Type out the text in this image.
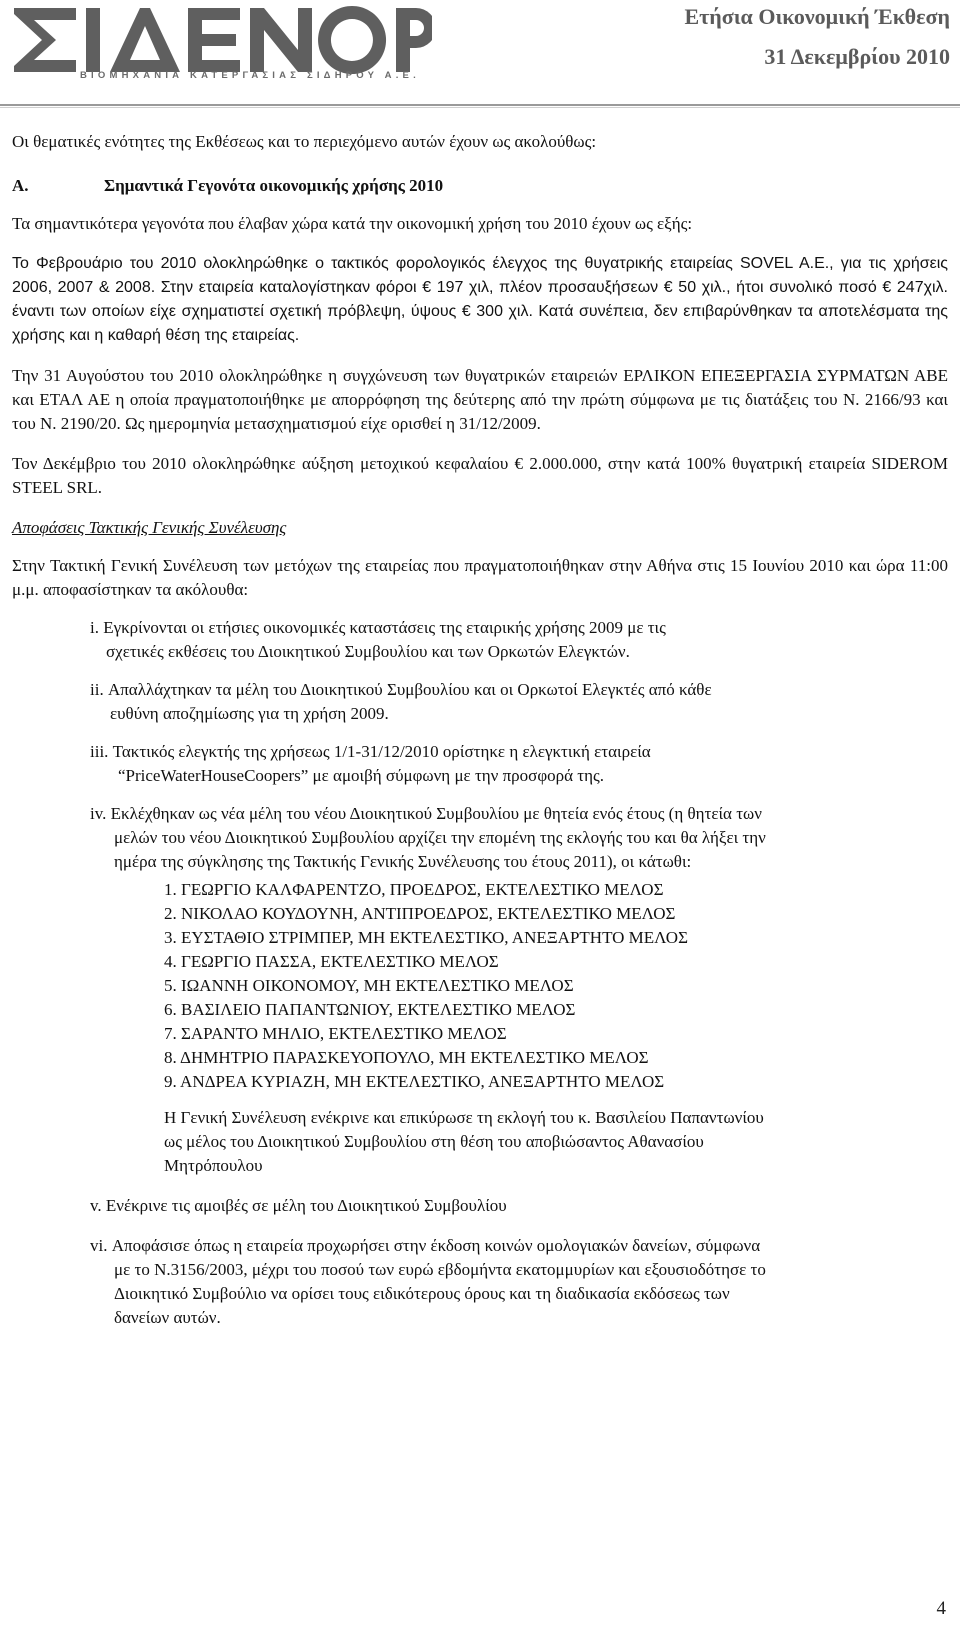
ΒΙΟΜΗΧΑΝΙΑ ΚΑΤΕΡΓΑΣΙΑΣ ΣΙΔΗΡΟΥ Α.Ε.
Ετήσια Οικονομική Έκθεση
31 Δεκεμβρίου 2010

Οι θεματικές ενότητες της Εκθέσεως και το περιεχόμενο αυτών έχουν ως ακολούθως:

Α.	Σημαντικά Γεγονότα οικονομικής χρήσης 2010

Τα σημαντικότερα γεγονότα που έλαβαν χώρα κατά την οικονομική χρήση του 2010 έχουν ως εξής:

Το Φεβρουάριο του 2010 ολοκληρώθηκε ο τακτικός φορολογικός έλεγχος της θυγατρικής εταιρείας SOVEL A.E., για τις χρήσεις 2006, 2007 & 2008. Στην εταιρεία καταλογίστηκαν φόροι € 197 χιλ, πλέον προσαυξήσεων € 50 χιλ., ήτοι συνολικό ποσό € 247χιλ. έναντι των οποίων είχε σχηματιστεί σχετική πρόβλεψη, ύψους € 300 χιλ. Κατά συνέπεια, δεν επιβαρύνθηκαν τα αποτελέσματα της χρήσης και η καθαρή θέση της εταιρείας.

Την 31 Αυγούστου του 2010 ολοκληρώθηκε η συγχώνευση των θυγατρικών εταιρειών ΕΡΛΙΚΟΝ ΕΠΕΞΕΡΓΑΣΙΑ ΣΥΡΜΑΤΩΝ ΑΒΕ και ΕΤΑΛ ΑΕ η οποία πραγματοποιήθηκε με απορρόφηση της δεύτερης από την πρώτη σύμφωνα με τις διατάξεις του Ν. 2166/93 και του Ν. 2190/20. Ως ημερομηνία μετασχηματισμού είχε ορισθεί η 31/12/2009.

Τον Δεκέμβριο του 2010 ολοκληρώθηκε αύξηση μετοχικού κεφαλαίου € 2.000.000, στην κατά 100% θυγατρική εταιρεία SIDEROM STEEL SRL.

Αποφάσεις Τακτικής Γενικής Συνέλευσης

Στην Τακτική Γενική Συνέλευση των μετόχων της εταιρείας που πραγματοποιήθηκαν στην Αθήνα στις 15 Ιουνίου 2010 και ώρα 11:00 μ.μ. αποφασίστηκαν τα ακόλουθα:

i. Εγκρίνονται οι ετήσιες οικονομικές καταστάσεις της εταιρικής χρήσης 2009 με τις
σχετικές εκθέσεις του Διοικητικού Συμβουλίου και των Ορκωτών Ελεγκτών.
ii. Απαλλάχτηκαν τα μέλη του Διοικητικού Συμβουλίου και οι Ορκωτοί Ελεγκτές από κάθε
ευθύνη αποζημίωσης για τη χρήση 2009.
iii. Τακτικός ελεγκτής της χρήσεως 1/1-31/12/2010 ορίστηκε η ελεγκτική εταιρεία
“PriceWaterHouseCoopers” με αμοιβή σύμφωνη με την προσφορά της.
iv. Εκλέχθηκαν ως νέα μέλη του νέου Διοικητικού Συμβουλίου με θητεία ενός έτους (η θητεία των
μελών του νέου Διοικητικού Συμβουλίου αρχίζει την επομένη της εκλογής του και θα λήξει την
ημέρα της σύγκλησης της Τακτικής Γενικής Συνέλευσης του έτους 2011), οι κάτωθι:
1. ΓΕΩΡΓΙΟ ΚΑΛΦΑΡΕΝΤΖΟ, ΠΡΟΕΔΡΟΣ, ΕΚΤΕΛΕΣΤΙΚΟ ΜΕΛΟΣ
2. ΝΙΚΟΛΑΟ ΚΟΥΔΟΥΝΗ, ΑΝΤΙΠΡΟΕΔΡΟΣ, ΕΚΤΕΛΕΣΤΙΚΟ ΜΕΛΟΣ
3. ΕΥΣΤΑΘΙΟ ΣΤΡΙΜΠΕΡ, ΜΗ ΕΚΤΕΛΕΣΤΙΚΟ, ΑΝΕΞΑΡΤΗΤΟ ΜΕΛΟΣ
4. ΓΕΩΡΓΙΟ ΠΑΣΣΑ, ΕΚΤΕΛΕΣΤΙΚΟ ΜΕΛΟΣ
5. ΙΩΑΝΝΗ ΟΙΚΟΝΟΜΟΥ, ΜΗ ΕΚΤΕΛΕΣΤΙΚΟ ΜΕΛΟΣ
6. ΒΑΣΙΛΕΙΟ ΠΑΠΑΝΤΩΝΙΟΥ, ΕΚΤΕΛΕΣΤΙΚΟ ΜΕΛΟΣ
7. ΣΑΡΑΝΤΟ ΜΗΛΙΟ, ΕΚΤΕΛΕΣΤΙΚΟ ΜΕΛΟΣ
8. ΔΗΜΗΤΡΙΟ ΠΑΡΑΣΚΕΥΟΠΟΥΛΟ, ΜΗ ΕΚΤΕΛΕΣΤΙΚΟ ΜΕΛΟΣ
9. ΑΝΔΡΕΑ ΚΥΡΙΑΖΗ, ΜΗ ΕΚΤΕΛΕΣΤΙΚΟ, ΑΝΕΞΑΡΤΗΤΟ ΜΕΛΟΣ
Η Γενική Συνέλευση ενέκρινε και επικύρωσε τη εκλογή του κ. Βασιλείου Παπαντωνίου
ως μέλος του Διοικητικού Συμβουλίου στη θέση του αποβιώσαντος Αθανασίου
Μητρόπουλου
v. Ενέκρινε τις αμοιβές σε μέλη του Διοικητικού Συμβουλίου
vi. Αποφάσισε όπως η εταιρεία προχωρήσει στην έκδοση κοινών ομολογιακών δανείων, σύμφωνα
με το Ν.3156/2003, μέχρι του ποσού των ευρώ εβδομήντα εκατομμυρίων και εξουσιοδότησε το
Διοικητικό Συμβούλιο να ορίσει τους ειδικότερους όρους και τη διαδικασία εκδόσεως των
δανείων αυτών.
4
